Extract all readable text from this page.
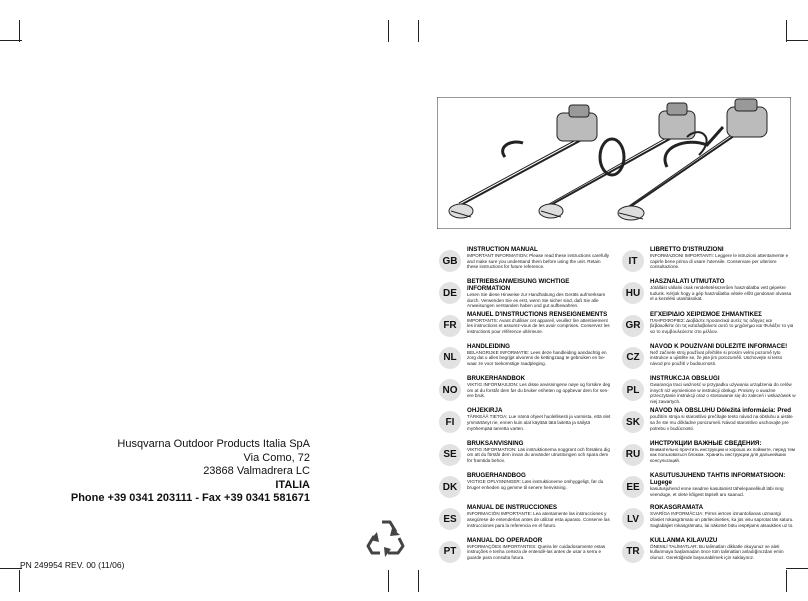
Husqvarna Outdoor Products Italia SpA
Via Como, 72
23868 Valmadrera LC
ITALIA
Phone +39 0341 203111 - Fax +39 0341 581671
PN 249954 REV. 00 (11/06)
GB
INSTRUCTION MANUAL
IMPORTANT INFORMATION: Please read these instructions carefully and make sure you understand them before using the unit. Retain these instructions for future reference.
DE
BETRIEBSANWEISUNG WICHTIGE INFORMATION
Lesen Sie diese Hinweise zur Handhabung des Geräts aufmerksam durch. Verwenden Sie es erst, wenn Sie sicher sind, daß Sie alle Anweisungen verstanden haben und gut aufbewahren.
FR
MANUEL D'INSTRUCTIONS RENSEIGNEMENTS
IMPORTANTS: Avant d'utiliser cet appareil, veuillez lire attentivement les instructions et assurez-vous de les avoir comprises. Conservez les instructions pour référence ultérieure.
NL
HANDLEIDING
BELANGRIJKE INFORMATIE: Lees deze handleiding aandachtig en zorg dat u alles begrijpt alvorens de kettingzaag te gebruiken en be-waar ze voor toekomstige raadpleging.
NO
BRUKERHÅNDBOK
VIKTIG INFORMASJON: Les disse anvisningene nøye og forsikre deg om at du forstår dem før du bruker enheten og oppbevar dem for sen-ere bruk.
FI
OHJEKIRJA
TÄRKEÄÄ TIETOA: Lue nämä ohjeet huolellisesti ja varmista, että olet ymmärtänyt ne, ennen kuin alat käyttää tätä laitetta ja säilytä myöhempää tarvetta varten.
SE
BRUKSANVISNING
VIKTIG INFORMATION: Läs instruktionerna noggrant och försäkra dig om att du förstår dem innan du använder utrustningen och spara dem för framtida behov.
DK
BRUGERHÅNDBOG
VIGTIGE OPLYSNINGER: Læs instruktionerne omhyggeligt, før du bruger enheden og gemme til senere henvisning.
ES
MANUAL DE INSTRUCCIONES
INFORMACIÓN IMPORTANTE: Lea atentamente las instrucciones y asegúrese de entenderlas antes de utilizar esta aparato. Conserve las instrucciones para la referencia en el futuro.
PT
MANUAL DO OPERADOR
INFORMAÇÕES IMPORTANTES: Queira ler cuidadosamente estas instruções e tenha certeza de entendê-las antes de usar a serra e guarde para consulta futura.
IT
LIBRETTO D'ISTRUZIONI
INFORMAZIONI IMPORTANTI: Leggere le istruzioni attentamente e capirle bene prima di usare l'utensile. Conservare per ulteriore consultazione.
HU
HASZNÁLATI ÚTMUTATÓ
Jótállást vállalni csak rendeltetésszerűen használatba vett gépekre tudunk. Kérjük hogy a gép használatba vétele előtt gondosan olvassa el a kezelési utasításokat.
GR
ΕΓΧΕΙΡΙΔΙΟ ΧΕΙΡΙΣΜΟΕ ΣΗΜΑΝΤΙΚΕΣ
ΠΛΗΡΟΦΟΡΙΕΣ: Διαβάστε προσεκτικά αυτές τις οδηγίες και βεβαιωθείτε ότι τις καταλαβαίνετε αυτό το μηχάνημα και Φυλάξτε το για να το συμβουλεύεστε στο μέλλον.
CZ
NÁVOD K POUŽÍVÁNÍ DŮLEŽITÉ INFORMACE!
Než začnete stroj používat přečtěte si prosím velmi pozorně tyto instrukce a ujistěte se, že jste jim porozuměli. Uschovejte si tento návod pro použití v budoucnosti.
PL
INSTRUKCJA OBSŁUGI
Gwarancja traci ważność w przypadku używania urządzenia do celów innych niż wymienione w instrukcji obsługi. Prosimy o uważne przeczytanie instrukcji oraz o stosowanie się do zaleceń i wskazówek w niej zawartych.
SK
NÁVOD NA OBSLUHU Dôležitá informácia: Pred
použitím stroja si starostlivo prečítajte tento návod na obsluhu a uistite sa že ste mu dôkladne porozumeli. Návod starostlivo uschovajte pre potrebu v budúcnosti.
RU
ИНСТРУКЦИИ ВАЖНЫЕ СВЕДЕНИЯ:
Внимательно прочтить инструкции и хорошо их поймите, перед тем как пользоваться блоком. Хранить инструкции для дальнейших консультаций.
EE
KASUTUSJUHEND TÄHTIS INFORMATSIOON: Lugege
kasutusjuhend enne seadme kasutamist tähelepanelikult läbi ning veenduge, et olete kõigest täpselt aru saanud.
LV
ROKASGRĀMATA
SVARĪGA INFORMĀCIJA: Pirms ierīces izmantošanas uzmanīgi izlasiet rokasgrāmatu un pārliecinieties, ka jūs visu saprotat tās saturu. Saglabājiet rokasgrāmatu, lai nākotnē būtu iespējams atsaukties uz to.
TR
KULLANMA KILAVUZU
ÖNEMLİ TALİMATLAR: Bu talimatları dikkatle okuyunuz ve aleti kullanmaya başlamadan önce tüm talimatları anladığınızdan emin olunuz. Gerektiğinde başvurabilmek için saklayınız.
